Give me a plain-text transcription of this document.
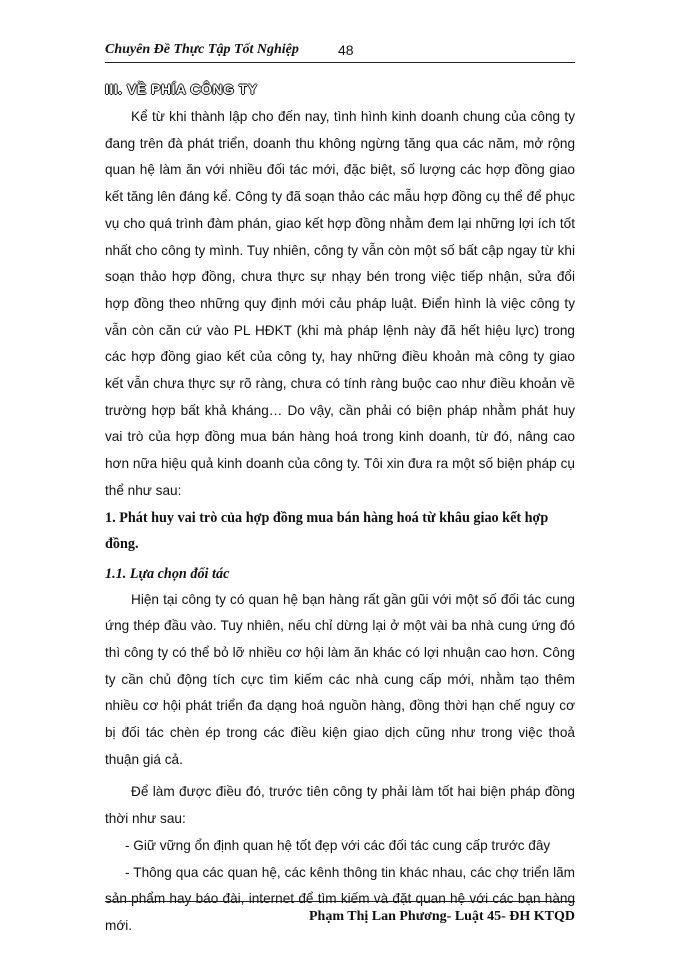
Chuyên Đề Thực Tập Tốt Nghiệp	48
III. VỀ PHÍA CÔNG TY

Kể từ khi thành lập cho đến nay, tình hình kinh doanh chung của công ty đang trên đà phát triển, doanh thu không ngừng tăng qua các năm, mở rộng quan hệ làm ăn với nhiều đối tác mới, đặc biệt, số lượng các hợp đồng giao kết tăng lên đáng kể. Công ty đã soạn thảo các mẫu hợp đồng cụ thể để phục vụ cho quá trình đàm phán, giao kết hợp đồng nhằm đem lại những lợi ích tốt nhất cho công ty mình. Tuy nhiên, công ty vẫn còn một số bất cập ngay từ khi soạn thảo hợp đồng, chưa thực sự nhạy bén trong việc tiếp nhận, sửa đổi hợp đồng theo những quy định mới cảu pháp luật. Điển hình là việc công ty vẫn còn căn cứ vào PL HĐKT (khi mà pháp lệnh này đã hết hiệu lực) trong các hợp đồng giao kết của công ty, hay những điều khoản mà công ty giao kết vẫn chưa thực sự rõ ràng, chưa có tính ràng buộc cao như điều khoản về trường hợp bất khả kháng… Do vậy, cần phải có biện pháp nhằm phát huy vai trò của hợp đồng mua bán hàng hoá trong kinh doanh, từ đó, nâng cao hơn nữa hiệu quả kinh doanh của công ty. Tôi xin đưa ra một số biện pháp cụ thể như sau:

1. Phát huy vai trò của hợp đồng mua bán hàng hoá từ khâu giao kết hợp đồng.

1.1. Lựa chọn đối tác

Hiện tại công ty có quan hệ bạn hàng rất gần gũi với một số đối tác cung ứng thép đầu vào. Tuy nhiên, nếu chỉ dừng lại ở một vài ba nhà cung ứng đó thì công ty có thể bỏ lỡ nhiều cơ hội làm ăn khác có lợi nhuận cao hơn. Công ty cần chủ động tích cực tìm kiếm các nhà cung cấp mới, nhằm tạo thêm nhiều cơ hội phát triển đa dạng hoá nguồn hàng, đồng thời hạn chế nguy cơ bị đối tác chèn ép trong các điều kiện giao dịch cũng như trong việc thoả thuận giá cả.

Để làm được điều đó, trước tiên công ty phải làm tốt hai biện pháp đồng thời như sau:

- Giữ vững ổn định quan hệ tốt đẹp với các đối tác cung cấp trước đây

- Thông qua các quan hệ, các kênh thông tin khác nhau, các chợ triển lãm sản phẩm hay báo đài, internet để tìm kiếm và đặt quan hệ với các bạn hàng mới.

Phạm Thị Lan Phương- Luật 45- ĐH KTQD
